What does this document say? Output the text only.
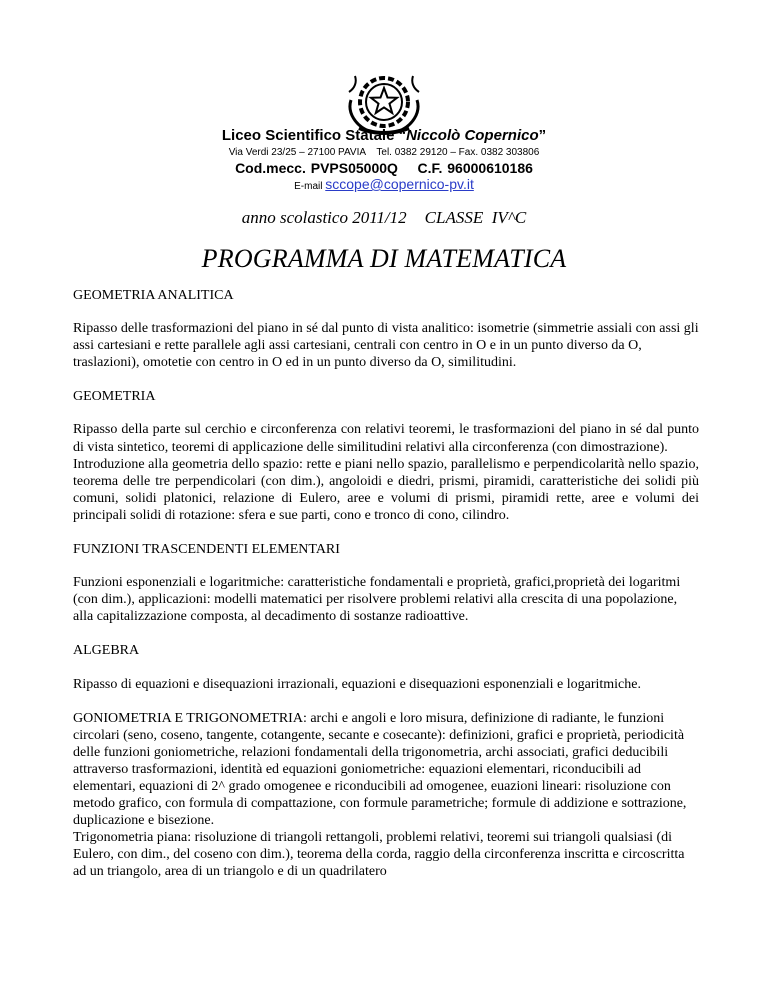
Liceo Scientifico Statale “Niccolò Copernico”
Via Verdi 23/25 – 27100 PAVIA    Tel. 0382 29120 – Fax. 0382 303806
Cod.mecc. PVPS05000Q    C.F. 96000610186
E-mail sccope@copernico-pv.it
anno scolastico 2011/12 CLASSE  IV^C
PROGRAMMA DI MATEMATICA

GEOMETRIA ANALITICA

Ripasso delle trasformazioni del piano in sé dal punto di vista analitico: isometrie (simmetrie assiali con assi gli assi cartesiani e rette parallele agli assi cartesiani, centrali con centro in O e in un punto diverso da O, traslazioni), omotetie con centro in O ed in un punto diverso da O, similitudini.

GEOMETRIA

Ripasso della parte sul cerchio e circonferenza con relativi teoremi, le trasformazioni del piano in sé dal punto  di vista sintetico, teoremi di applicazione delle similitudini relativi alla circonferenza (con dimostrazione).

Introduzione alla geometria dello spazio: rette e piani nello spazio, parallelismo e perpendicolarità nello spazio, teorema delle tre perpendicolari (con dim.), angoloidi e diedri, prismi, piramidi, caratteristiche dei solidi più comuni, solidi platonici, relazione di Eulero, aree e volumi di prismi, piramidi rette, aree e volumi dei principali solidi di rotazione: sfera e sue parti, cono e tronco di cono, cilindro.

FUNZIONI TRASCENDENTI ELEMENTARI

Funzioni esponenziali e logaritmiche: caratteristiche fondamentali e proprietà, grafici,proprietà dei logaritmi (con dim.), applicazioni: modelli matematici per risolvere problemi relativi alla crescita di una popolazione, alla capitalizzazione composta, al decadimento di sostanze radioattive.

ALGEBRA

Ripasso di equazioni e disequazioni irrazionali, equazioni e disequazioni esponenziali e logaritmiche.

GONIOMETRIA E TRIGONOMETRIA: archi e angoli e loro misura, definizione di radiante, le funzioni circolari (seno, coseno, tangente, cotangente, secante e cosecante): definizioni, grafici e proprietà, periodicità delle funzioni goniometriche, relazioni fondamentali della trigonometria, archi associati, grafici deducibili attraverso trasformazioni, identità ed equazioni goniometriche: equazioni elementari, riconducibili ad elementari, equazioni di 2^ grado omogenee e riconducibili ad omogenee, euazioni lineari: risoluzione con metodo grafico, con formula di compattazione, con formule parametriche; formule di addizione e sottrazione, duplicazione e bisezione.

Trigonometria piana: risoluzione di triangoli rettangoli, problemi relativi, teoremi sui triangoli qualsiasi (di Eulero, con dim., del coseno con dim.), teorema della corda, raggio della circonferenza inscritta e circoscritta ad un triangolo, area di un triangolo e di un quadrilatero
